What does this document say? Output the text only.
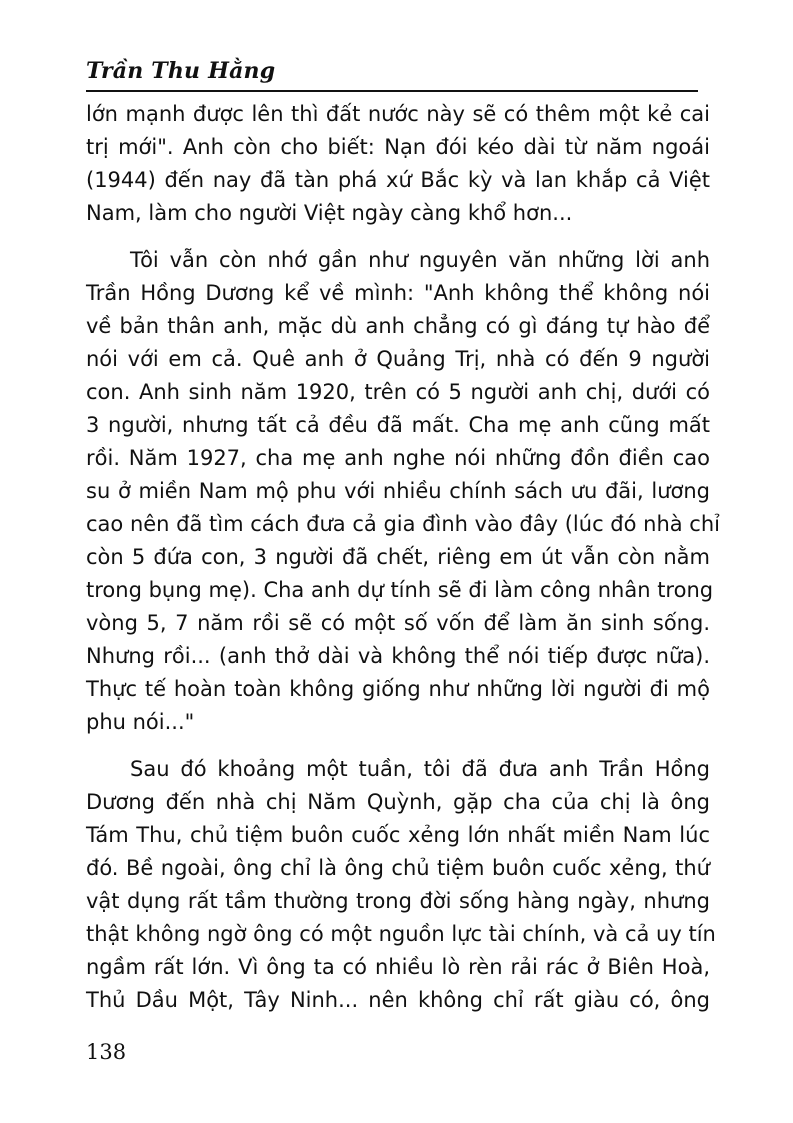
Trần Thu Hằng

lớn mạnh được lên thì đất nước này sẽ có thêm một kẻ cai
trị mới". Anh còn cho biết: Nạn đói kéo dài từ năm ngoái
(1944) đến nay đã tàn phá xứ Bắc kỳ và lan khắp cả Việt
Nam, làm cho người Việt ngày càng khổ hơn...

Tôi vẫn còn nhớ gần như nguyên văn những lời anh
Trần Hồng Dương kể về mình: "Anh không thể không nói
về bản thân anh, mặc dù anh chẳng có gì đáng tự hào để
nói với em cả. Quê anh ở Quảng Trị, nhà có đến 9 người
con. Anh sinh năm 1920, trên có 5 người anh chị, dưới có
3 người, nhưng tất cả đều đã mất. Cha mẹ anh cũng mất
rồi. Năm 1927, cha mẹ anh nghe nói những đồn điền cao
su ở miền Nam mộ phu với nhiều chính sách ưu đãi, lương
cao nên đã tìm cách đưa cả gia đình vào đây (lúc đó nhà chỉ
còn 5 đứa con, 3 người đã chết, riêng em út vẫn còn nằm
trong bụng mẹ). Cha anh dự tính sẽ đi làm công nhân trong
vòng 5, 7 năm rồi sẽ có một số vốn để làm ăn sinh sống.
Nhưng rồi... (anh thở dài và không thể nói tiếp được nữa).
Thực tế hoàn toàn không giống như những lời người đi mộ
phu nói..."

Sau đó khoảng một tuần, tôi đã đưa anh Trần Hồng
Dương đến nhà chị Năm Quỳnh, gặp cha của chị là ông
Tám Thu, chủ tiệm buôn cuốc xẻng lớn nhất miền Nam lúc
đó. Bề ngoài, ông chỉ là ông chủ tiệm buôn cuốc xẻng, thứ
vật dụng rất tầm thường trong đời sống hàng ngày, nhưng
thật không ngờ ông có một nguồn lực tài chính, và cả uy tín
ngầm rất lớn. Vì ông ta có nhiều lò rèn rải rác ở Biên Hoà,
Thủ Dầu Một, Tây Ninh... nên không chỉ rất giàu có, ông

138
